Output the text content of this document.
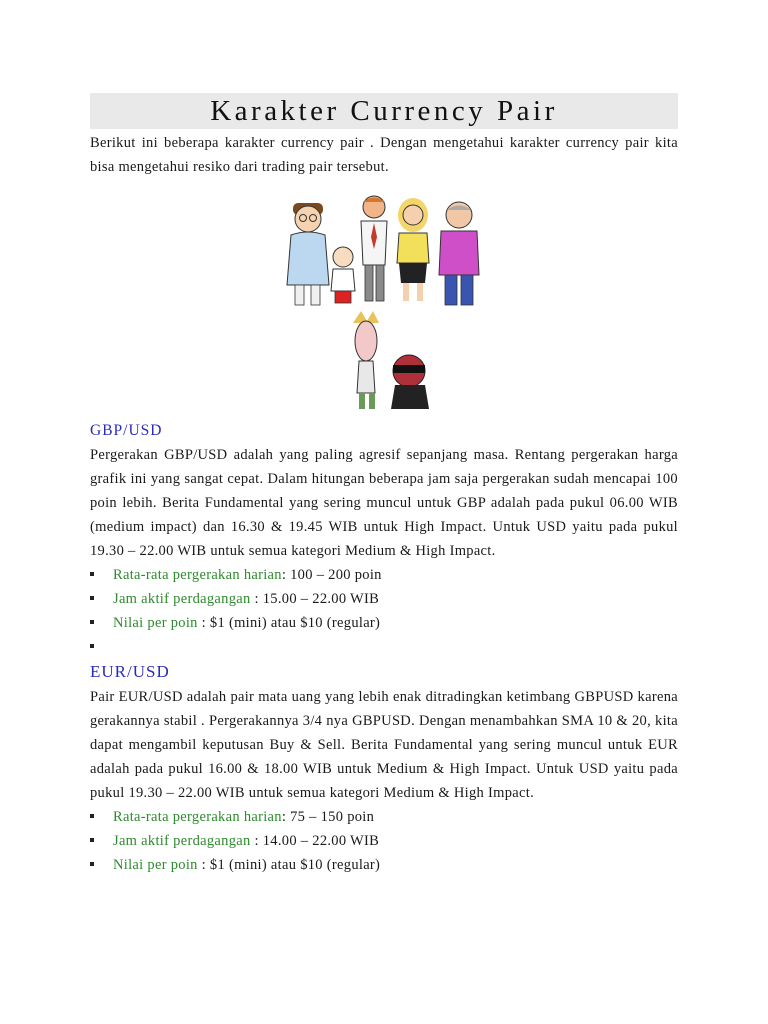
Karakter Currency Pair

Berikut ini beberapa karakter currency pair . Dengan mengetahui karakter currency pair kita bisa mengetahui resiko dari trading pair tersebut.

GBP/USD

Pergerakan GBP/USD adalah yang paling agresif sepanjang masa. Rentang pergerakan harga grafik ini yang sangat cepat. Dalam hitungan beberapa jam saja pergerakan sudah mencapai 100 poin lebih. Berita Fundamental yang sering muncul untuk GBP adalah pada pukul 06.00 WIB (medium impact) dan 16.30 & 19.45 WIB untuk High Impact. Untuk USD yaitu pada pukul 19.30 – 22.00 WIB untuk semua kategori Medium & High Impact.

Rata-rata pergerakan harian: 100 – 200 poin
Jam aktif perdagangan : 15.00 – 22.00 WIB
Nilai per poin : $1 (mini) atau $10 (regular)

EUR/USD

Pair EUR/USD adalah pair mata uang yang lebih enak ditradingkan ketimbang GBPUSD karena gerakannya stabil . Pergerakannya 3/4 nya GBPUSD. Dengan menambahkan SMA 10 & 20, kita dapat mengambil keputusan Buy & Sell. Berita Fundamental yang sering muncul untuk EUR adalah pada pukul 16.00 & 18.00 WIB untuk Medium & High Impact. Untuk USD yaitu pada pukul 19.30 – 22.00 WIB untuk semua kategori Medium & High Impact.

Rata-rata pergerakan harian: 75 – 150 poin
Jam aktif perdagangan : 14.00 – 22.00 WIB
Nilai per poin : $1 (mini) atau $10 (regular)
